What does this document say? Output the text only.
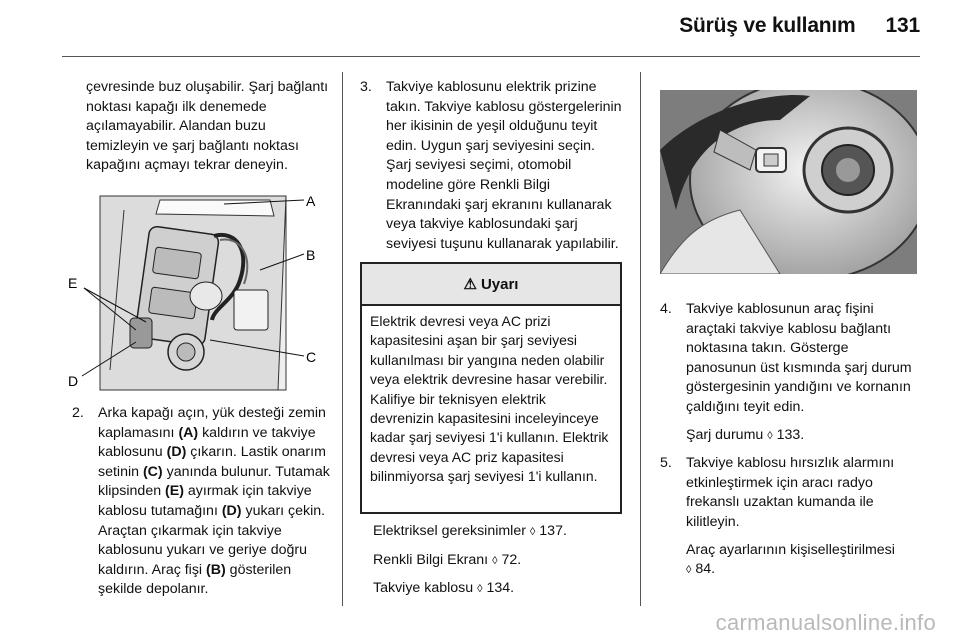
Sürüş ve kullanım 131

çevresinde buz oluşabilir. Şarj bağlantı noktası kapağı ilk denemede açılamayabilir. Alandan buzu temizleyin ve şarj bağlantı noktası kapağını açmayı tekrar deneyin.

A
B
C
D
E
2. Arka kapağı açın, yük desteği zemin kaplamasını (A) kaldırın ve takviye kablosunu (D) çıkarın. Lastik onarım setinin (C) yanında bulunur. Tutamak klipsinden (E) ayırmak için takviye kablosu tutamağını (D) yukarı çekin. Araçtan çıkarmak için takviye kablosunu yukarı ve geriye doğru kaldırın. Araç fişi (B) gösterilen şekilde depolanır.
3. Takviye kablosunu elektrik prizine takın. Takviye kablosu göstergelerinin her ikisinin de yeşil olduğunu teyit edin. Uygun şarj seviyesini seçin. Şarj seviyesi seçimi, otomobil modeline göre Renkli Bilgi Ekranındaki şarj ekranını kullanarak veya takviye kablosundaki şarj seviyesi tuşunu kullanarak yapılabilir.
⚠ Uyarı
Elektrik devresi veya AC prizi kapasitesini aşan bir şarj seviyesi kullanılması bir yangına neden olabilir veya elektrik devresine hasar verebilir. Kalifiye bir teknisyen elektrik devrenizin kapasitesini inceleyinceye kadar şarj seviyesi 1'i kullanın. Elektrik devresi veya AC priz kapasitesi bilinmiyorsa şarj seviyesi 1'i kullanın.

Elektriksel gereksinimler ◊ 137.

Renkli Bilgi Ekranı ◊ 72.

Takviye kablosu ◊ 134.

4. Takviye kablosunun araç fişini araçtaki takviye kablosu bağlantı noktasına takın. Gösterge panosunun üst kısmında şarj durum göstergesinin yandığını ve kornanın çaldığını teyit edin.

Şarj durumu ◊ 133.

5. Takviye kablosu hırsızlık alarmını etkinleştirmek için aracı radyo frekanslı uzaktan kumanda ile kilitleyin.

Araç ayarlarının kişiselleştirilmesi
◊ 84.

carmanualsonline.info
